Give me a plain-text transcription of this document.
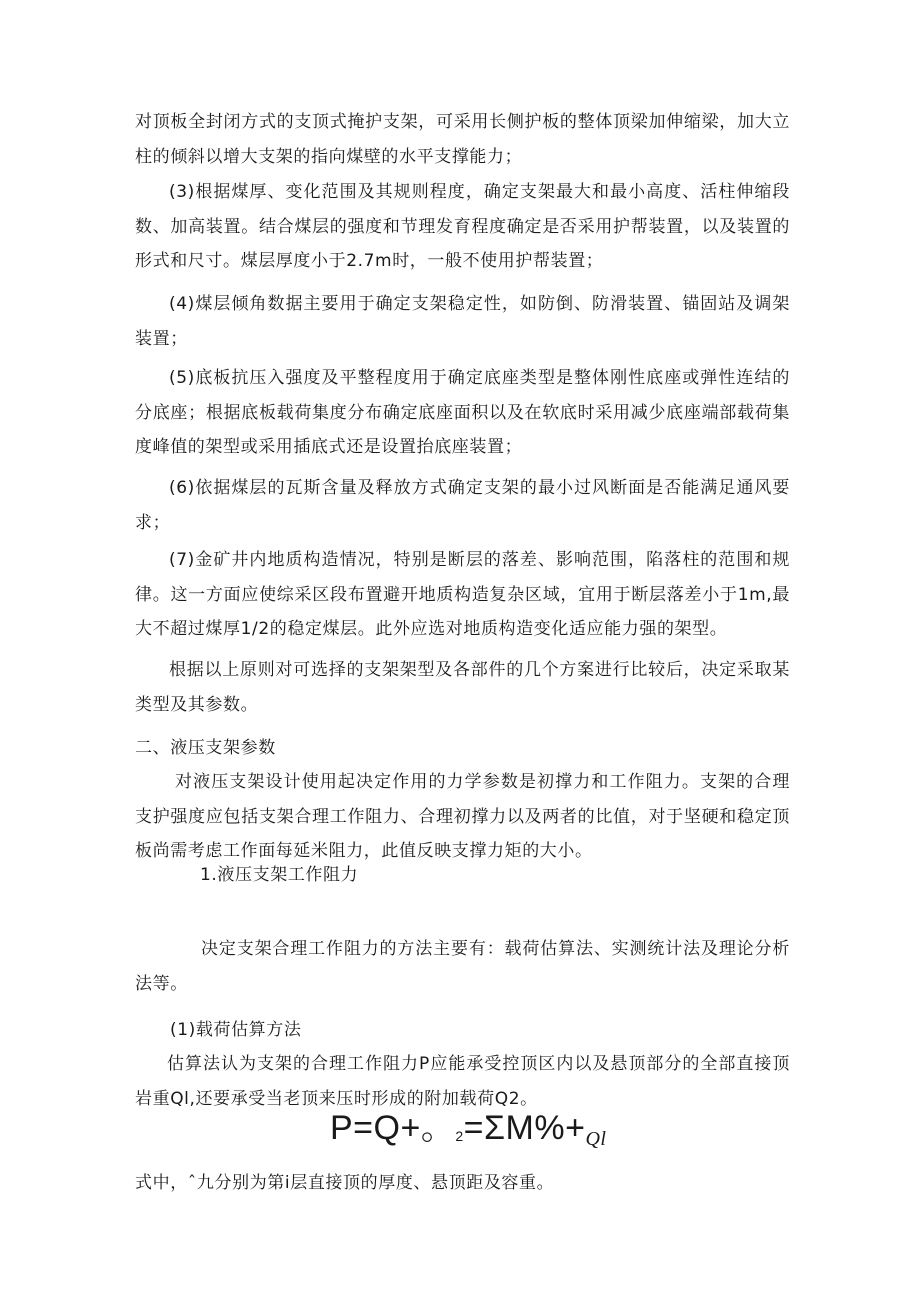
对顶板全封闭方式的支顶式掩护支架，可采用长侧护板的整体顶梁加伸缩梁，加大立柱的倾斜以增大支架的指向煤壁的水平支撑能力；

(3)根据煤厚、变化范围及其规则程度，确定支架最大和最小高度、活柱伸缩段数、加高装置。结合煤层的强度和节理发育程度确定是否采用护帮装置，以及装置的形式和尺寸。煤层厚度小于2.7m时，一般不使用护帮装置；

(4)煤层倾角数据主要用于确定支架稳定性，如防倒、防滑装置、锚固站及调架装置；

(5)底板抗压入强度及平整程度用于确定底座类型是整体刚性底座或弹性连结的分底座；根据底板载荷集度分布确定底座面积以及在软底时采用减少底座端部载荷集度峰值的架型或采用插底式还是设置抬底座装置；

(6)依据煤层的瓦斯含量及释放方式确定支架的最小过风断面是否能满足通风要求；

(7)金矿井内地质构造情况，特别是断层的落差、影响范围，陷落柱的范围和规律。这一方面应使综采区段布置避开地质构造复杂区域，宜用于断层落差小于1m,最大不超过煤厚1/2的稳定煤层。此外应选对地质构造变化适应能力强的架型。

根据以上原则对可选择的支架架型及各部件的几个方案进行比较后，决定采取某类型及其参数。

二、液压支架参数

对液压支架设计使用起决定作用的力学参数是初撑力和工作阻力。支架的合理支护强度应包括支架合理工作阻力、合理初撑力以及两者的比值，对于坚硬和稳定顶板尚需考虑工作面每延米阻力，此值反映支撑力矩的大小。

1.液压支架工作阻力

决定支架合理工作阻力的方法主要有：载荷估算法、实测统计法及理论分析法等。

(1)载荷估算方法

估算法认为支架的合理工作阻力P应能承受控顶区内以及悬顶部分的全部直接顶岩重Ql,还要承受当老顶来压时形成的附加载荷Q2。

P=Q+。2=ΣM%+Ql

式中，ˆ九分别为第i层直接顶的厚度、悬顶距及容重。
